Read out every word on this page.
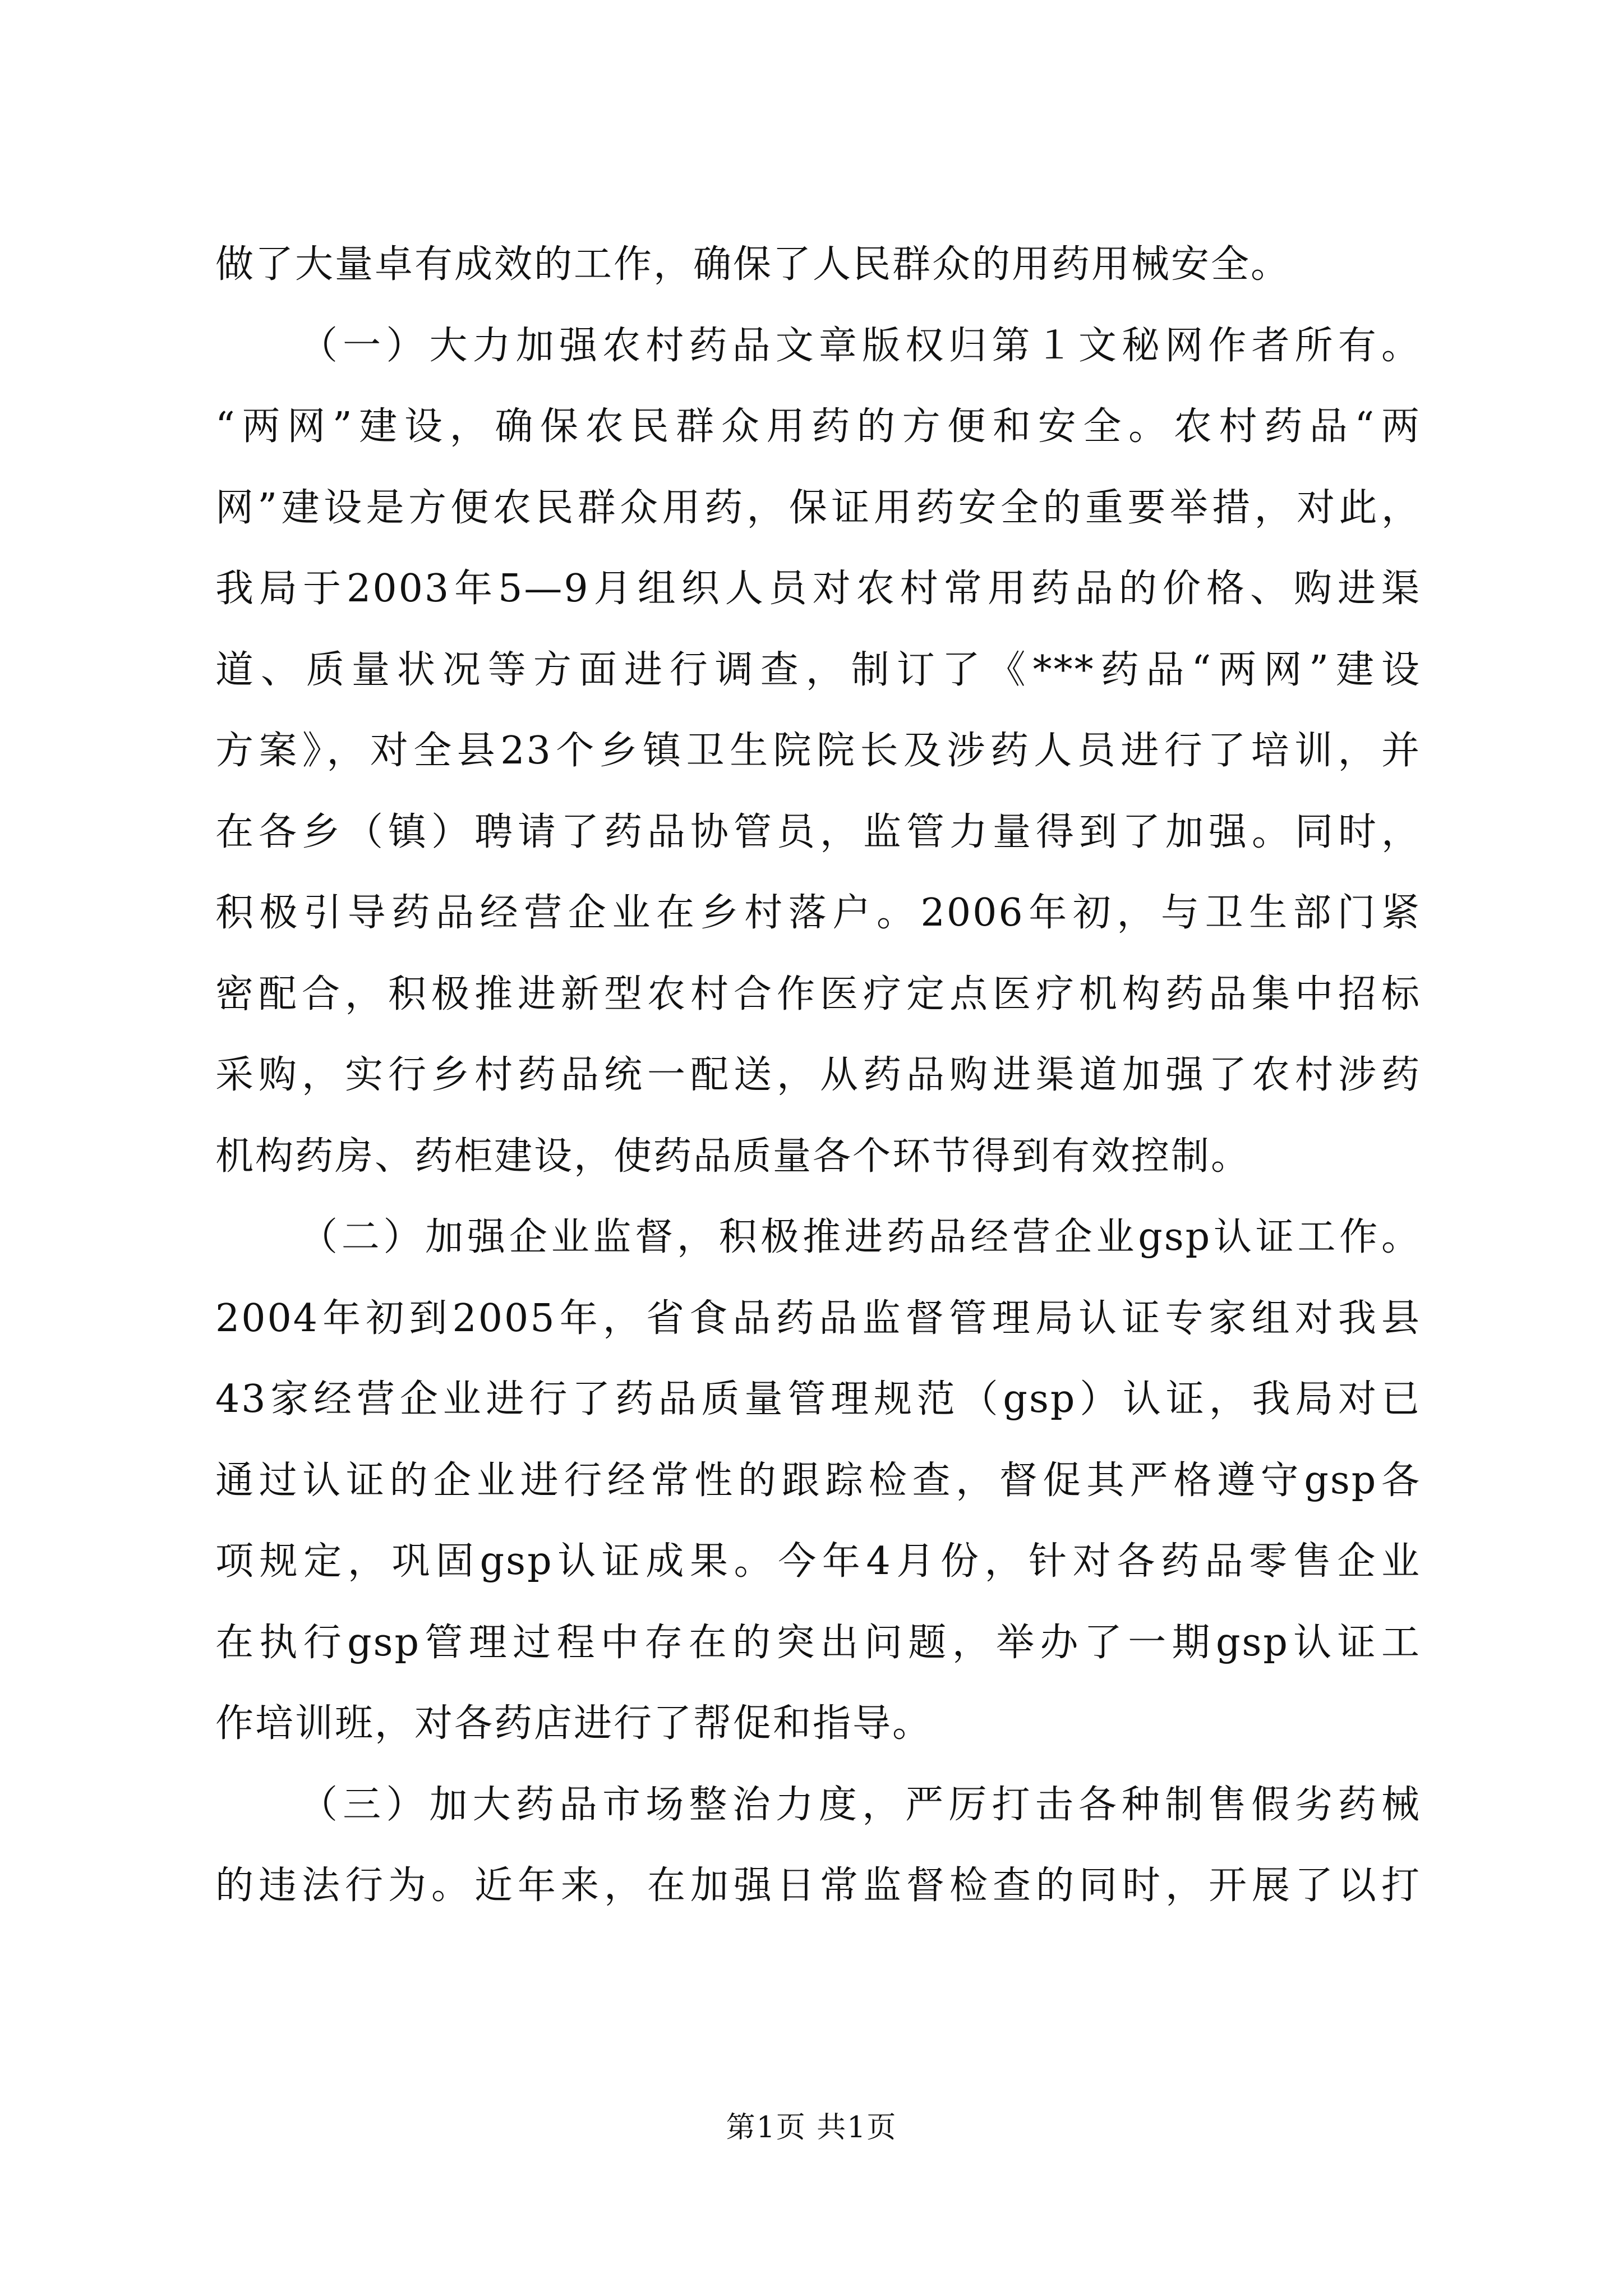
做了大量卓有成效的工作，确保了人民群众的用药用械安全。
（一）大力加强农村药品文章版权归第１文秘网作者所有。
“两网”建设，确保农民群众用药的方便和安全。农村药品“两
网”建设是方便农民群众用药，保证用药安全的重要举措，对此，
我局于2003年5—9月组织人员对农村常用药品的价格、购进渠
道、质量状况等方面进行调查，制订了《***药品“两网”建设
方案》，对全县23个乡镇卫生院院长及涉药人员进行了培训，并
在各乡（镇）聘请了药品协管员，监管力量得到了加强。同时，
积极引导药品经营企业在乡村落户。2006年初，与卫生部门紧
密配合，积极推进新型农村合作医疗定点医疗机构药品集中招标
采购，实行乡村药品统一配送，从药品购进渠道加强了农村涉药
机构药房、药柜建设，使药品质量各个环节得到有效控制。
（二）加强企业监督，积极推进药品经营企业gsp认证工作。
2004年初到2005年，省食品药品监督管理局认证专家组对我县
43家经营企业进行了药品质量管理规范（gsp）认证，我局对已
通过认证的企业进行经常性的跟踪检查，督促其严格遵守gsp各
项规定，巩固gsp认证成果。今年4月份，针对各药品零售企业
在执行gsp管理过程中存在的突出问题，举办了一期gsp认证工
作培训班，对各药店进行了帮促和指导。
（三）加大药品市场整治力度，严厉打击各种制售假劣药械
的违法行为。近年来，在加强日常监督检查的同时，开展了以打
第1页 共1页
